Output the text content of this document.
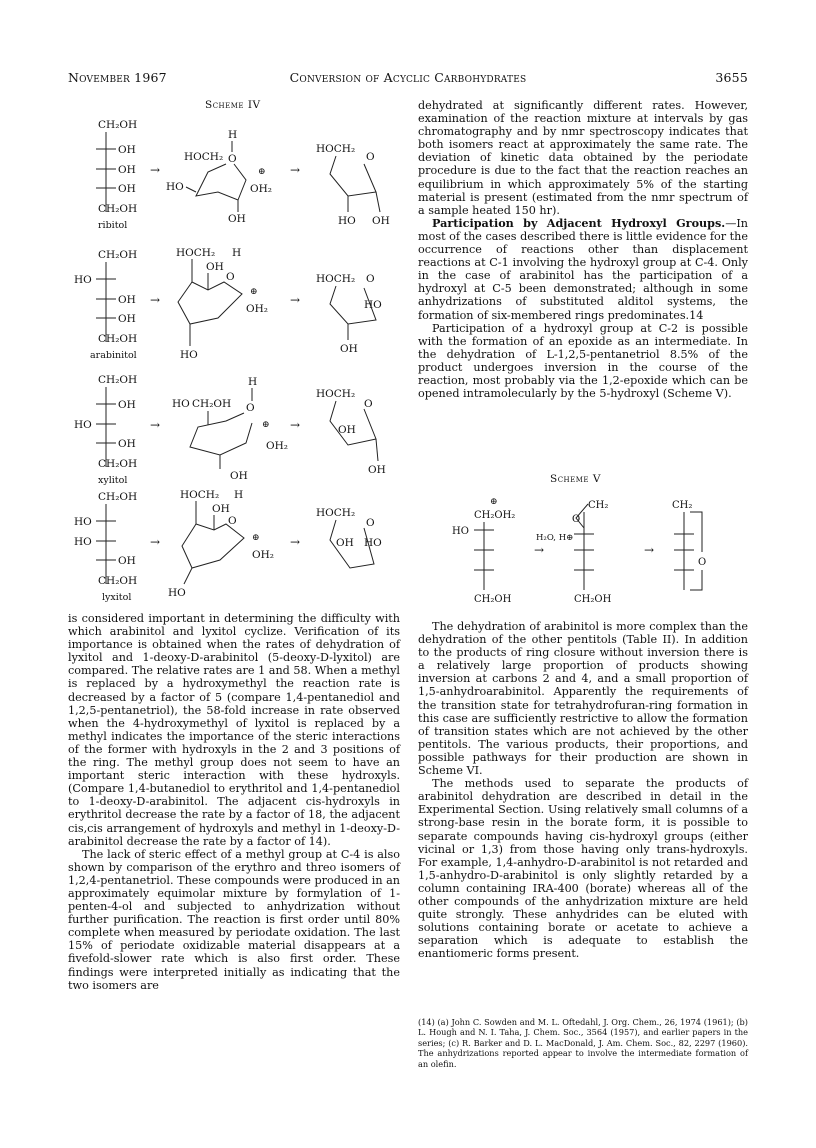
November 1967	Conversion of Acyclic Carbohydrates	3655
Scheme IV
CH₂OH
OH
OH
OH
CH₂OH
ribitol
→
H
HOCH₂ O
⊕
HO	OH₂
OH
→
HOCH₂
O
HO OH
CH₂OH
HO
OH
OH
CH₂OH
arabinitol
→
HOCH₂ H
OH
O
⊕
OH₂
HO
→
HOCH₂ O
HO
OH
CH₂OH
OH
HO
OH
CH₂OH
xylitol
→
H
HO CH₂OH O
⊕
OH₂
OH
→
HOCH₂
O
OH
OH
CH₂OH
HO
HO
OH
CH₂OH
lyxitol
→
HOCH₂ H
OH
O
⊕
OH₂
HO
→
HOCH₂
O
OH HO

is considered important in determining the difficulty with which arabinitol and lyxitol cyclize. Verification of its importance is obtained when the rates of dehydration of lyxitol and 1-deoxy-D-arabinitol (5-deoxy-D-lyxitol) are compared. The relative rates are 1 and 58. When a methyl is replaced by a hydroxymethyl the reaction rate is decreased by a factor of 5 (compare 1,4-pentanediol and 1,2,5-pentanetriol), the 58-fold increase in rate observed when the 4-hydroxymethyl of lyxitol is replaced by a methyl indicates the importance of the steric interactions of the former with hydroxyls in the 2 and 3 positions of the ring. The methyl group does not seem to have an important steric interaction with these hydroxyls. (Compare 1,4-butanediol to erythritol and 1,4-pentanediol to 1-deoxy-D-arabinitol. The adjacent cis-hydroxyls in erythritol decrease the rate by a factor of 18, the adjacent cis,cis arrangement of hydroxyls and methyl in 1-deoxy-D-arabinitol decrease the rate by a factor of 14).

The lack of steric effect of a methyl group at C-4 is also shown by comparison of the erythro and threo isomers of 1,2,4-pentanetriol. These compounds were produced in an approximately equimolar mixture by formylation of 1-penten-4-ol and subjected to anhydrization without further purification. The reaction is first order until 80% complete when measured by periodate oxidation. The last 15% of periodate oxidizable material disappears at a fivefold-slower rate which is also first order. These findings were interpreted initially as indicating that the two isomers are

dehydrated at significantly different rates. However, examination of the reaction mixture at intervals by gas chromatography and by nmr spectroscopy indicates that both isomers react at approximately the same rate. The deviation of kinetic data obtained by the periodate procedure is due to the fact that the reaction reaches an equilibrium in which approximately 5% of the starting material is present (estimated from the nmr spectrum of a sample heated 150 hr).

Participation by Adjacent Hydroxyl Groups.—In most of the cases described there is little evidence for the occurrence of reactions other than displacement reactions at C-1 involving the hydroxyl group at C-4. Only in the case of arabinitol has the participation of a hydroxyl at C-5 been demonstrated; although in some anhydrizations of substituted alditol systems, the formation of six-membered rings predominates.14

Participation of a hydroxyl group at C-2 is possible with the formation of an epoxide as an intermediate. In the dehydration of L-1,2,5-pentanetriol 8.5% of the product undergoes inversion in the course of the reaction, most probably via the 1,2-epoxide which can be opened intramolecularly by the 5-hydroxyl (Scheme V).

Scheme V
⊕
CH₂OH₂
HO
CH₂OH
H₂O, H⊕
→
CH₂
O
CH₂OH
→
CH₂
O

The dehydration of arabinitol is more complex than the dehydration of the other pentitols (Table II). In addition to the products of ring closure without inversion there is a relatively large proportion of products showing inversion at carbons 2 and 4, and a small proportion of 1,5-anhydroarabinitol. Apparently the requirements of the transition state for tetrahydrofuran-ring formation in this case are sufficiently restrictive to allow the formation of transition states which are not achieved by the other pentitols. The various products, their proportions, and possible pathways for their production are shown in Scheme VI.

The methods used to separate the products of arabinitol dehydration are described in detail in the Experimental Section. Using relatively small columns of a strong-base resin in the borate form, it is possible to separate compounds having cis-hydroxyl groups (either vicinal or 1,3) from those having only trans-hydroxyls. For example, 1,4-anhydro-D-arabinitol is not retarded and 1,5-anhydro-D-arabinitol is only slightly retarded by a column containing IRA-400 (borate) whereas all of the other compounds of the anhydrization mixture are held quite strongly. These anhydrides can be eluted with solutions containing borate or acetate to achieve a separation which is adequate to establish the enantiomeric forms present.

(14) (a) John C. Sowden and M. L. Oftedahl, J. Org. Chem., 26, 1974 (1961); (b) L. Hough and N. I. Taha, J. Chem. Soc., 3564 (1957), and earlier papers in the series; (c) R. Barker and D. L. MacDonald, J. Am. Chem. Soc., 82, 2297 (1960). The anhydrizations reported appear to involve the intermediate formation of an olefin.
